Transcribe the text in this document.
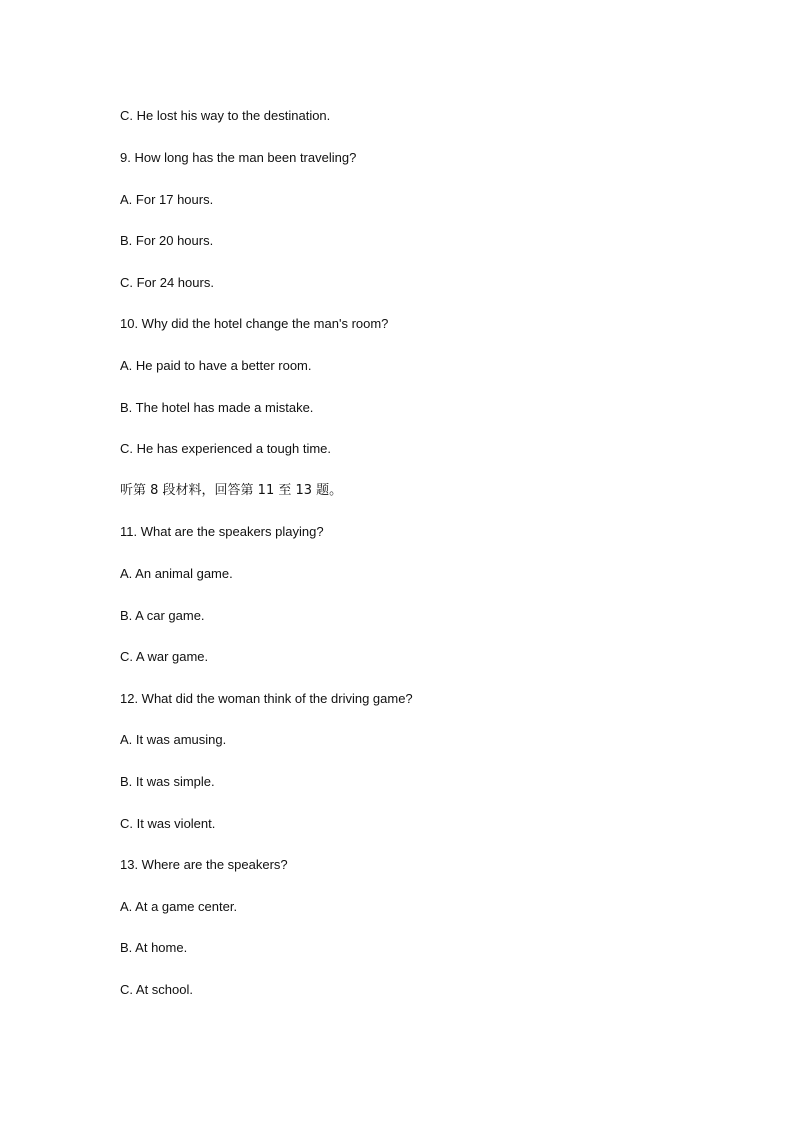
C. He lost his way to the destination.
9. How long has the man been traveling?
A. For 17 hours.
B. For 20 hours.
C. For 24 hours.
10. Why did the hotel change the man's room?
A. He paid to have a better room.
B. The hotel has made a mistake.
C. He has experienced a tough time.
听第 8 段材料，回答第 11 至 13 题。
11. What are the speakers playing?
A. An animal game.
B. A car game.
C. A war game.
12. What did the woman think of the driving game?
A. It was amusing.
B. It was simple.
C. It was violent.
13. Where are the speakers?
A. At a game center.
B. At home.
C. At school.
